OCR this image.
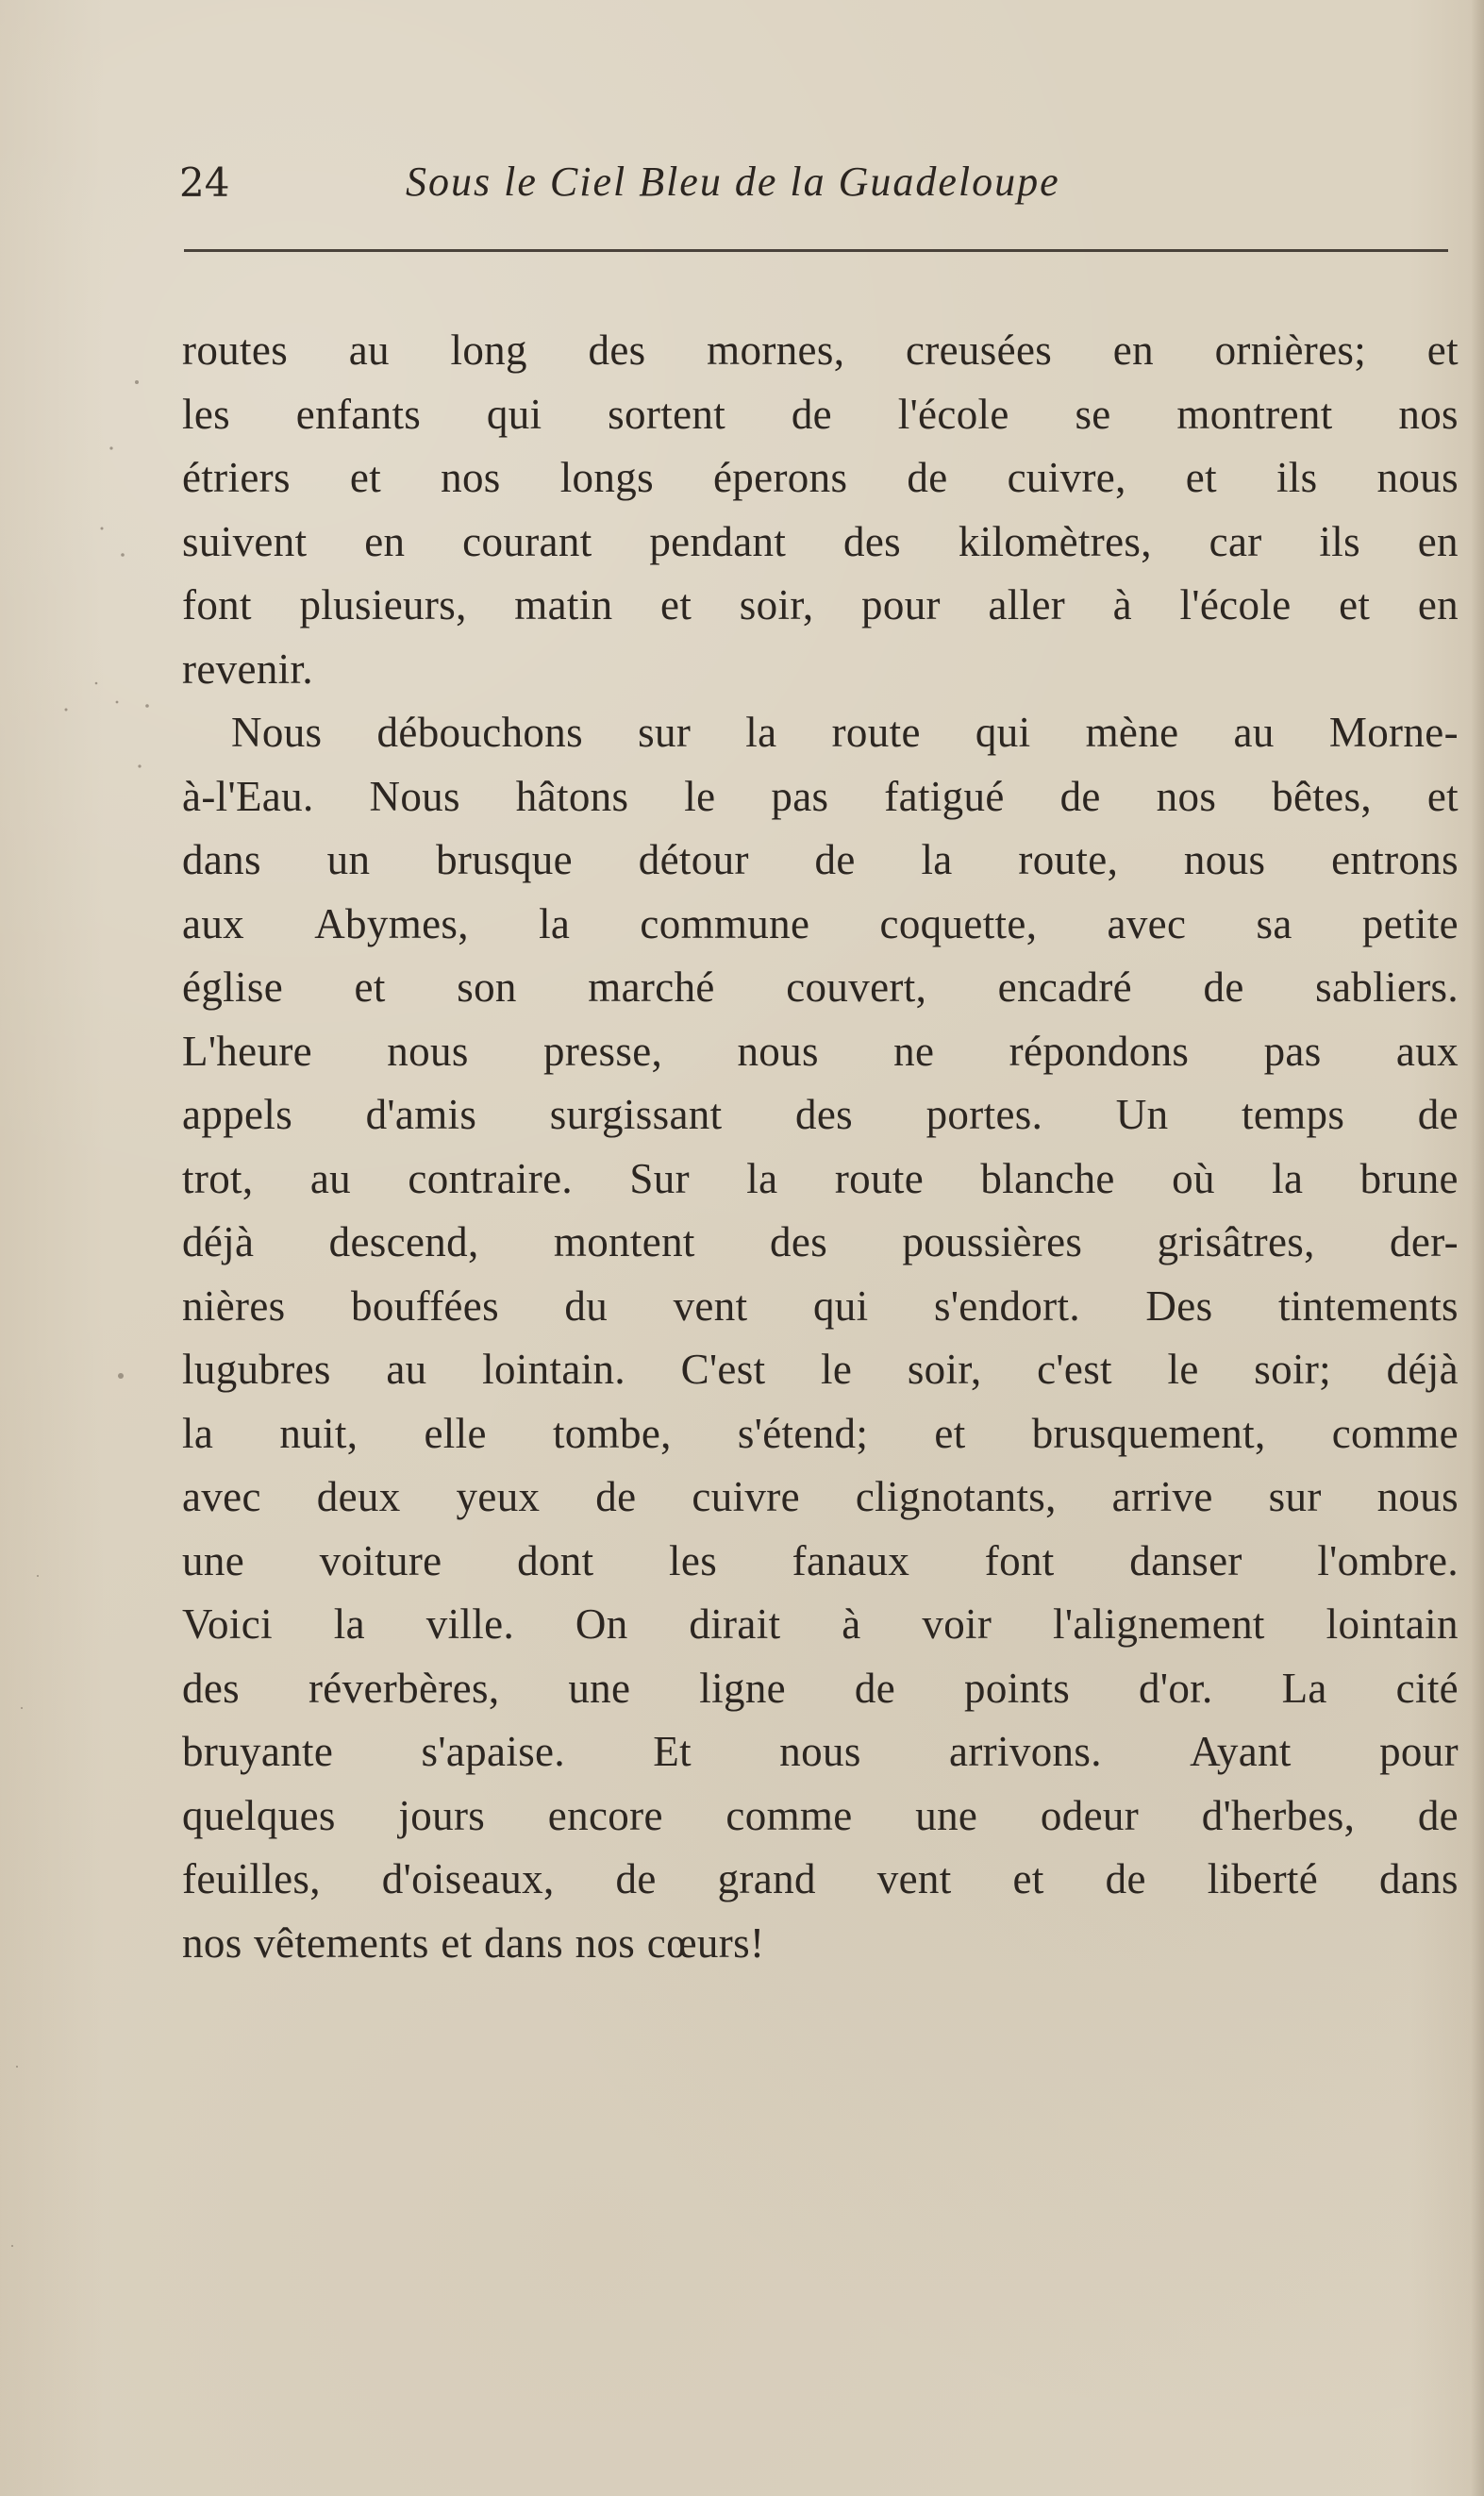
24	Sous le Ciel Bleu de la Guadeloupe
routes au long des mornes, creusées en ornières; et
les enfants qui sortent de l'école se montrent nos
étriers et nos longs éperons de cuivre, et ils nous
suivent en courant pendant des kilomètres, car ils en
font plusieurs, matin et soir, pour aller à l'école et en
revenir.
Nous débouchons sur la route qui mène au Morne-
à-l'Eau. Nous hâtons le pas fatigué de nos bêtes, et
dans un brusque détour de la route, nous entrons
aux Abymes, la commune coquette, avec sa petite
église et son marché couvert, encadré de sabliers.
L'heure nous presse, nous ne répondons pas aux
appels d'amis surgissant des portes. Un temps de
trot, au contraire. Sur la route blanche où la brune
déjà descend, montent des poussières grisâtres, der-
nières bouffées du vent qui s'endort. Des tintements
lugubres au lointain. C'est le soir, c'est le soir; déjà
la nuit, elle tombe, s'étend; et brusquement, comme
avec deux yeux de cuivre clignotants, arrive sur nous
une voiture dont les fanaux font danser l'ombre.
Voici la ville. On dirait à voir l'alignement lointain
des réverbères, une ligne de points d'or. La cité
bruyante s'apaise. Et nous arrivons. Ayant pour
quelques jours encore comme une odeur d'herbes, de
feuilles, d'oiseaux, de grand vent et de liberté dans
nos vêtements et dans nos cœurs!
